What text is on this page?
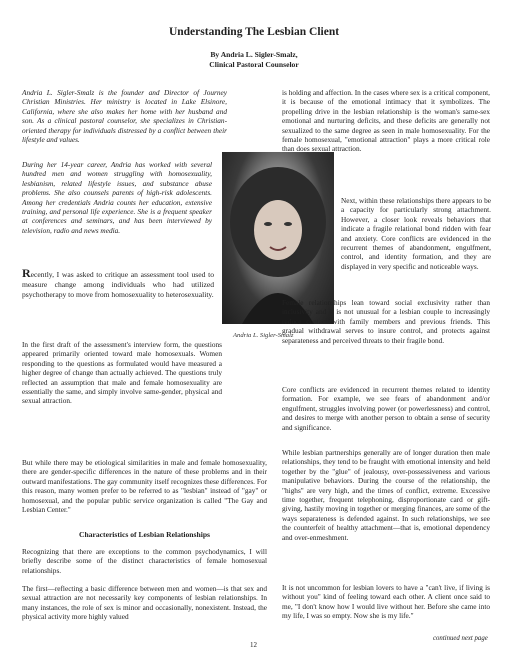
Understanding The Lesbian Client
By Andria L. Sigler-Smalz,
Clinical Pastoral Counselor
Andria L. Sigler-Smalz is the founder and Director of Journey Christian Ministries. Her ministry is located in Lake Elsinore, California, where she also makes her home with her husband and son. As a clinical pastoral counselor, she specializes in Christian-oriented therapy for individuals distressed by a conflict between their lifestyle and values.
During her 14-year career, Andria has worked with several hundred men and women struggling with homosexuality, lesbianism, related lifestyle issues, and substance abuse problems. She also counsels parents of high-risk adolescents. Among her credentials Andria counts her education, extensive training, and personal life experience. She is a frequent speaker at conferences and seminars, and has been interviewed by television, radio and news media.
Recently, I was asked to critique an assessment tool used to measure change among individuals who had utilized psychotherapy to move from homosexuality to heterosexuality.
In the first draft of the assessment's interview form, the questions appeared primarily oriented toward male homosexuals. Women responding to the questions as formulated would have measured a higher degree of change than actually achieved. The questions truly reflected an assumption that male and female homosexuality are essentially the same, and simply involve same-gender, physical and sexual attraction.
But while there may be etiological similarities in male and female homosexuality, there are gender-specific differences in the nature of these problems and in their outward manifestations. The gay community itself recognizes these differences. For this reason, many women prefer to be referred to as "lesbian" instead of "gay" or homosexual, and the popular public service organization is called "The Gay and Lesbian Center."
Characteristics of Lesbian Relationships
Recognizing that there are exceptions to the common psychodynamics, I will briefly describe some of the distinct characteristics of female homosexual relationships.
The first—reflecting a basic difference between men and women—is that sex and sexual attraction are not necessarily key components of lesbian relationships. In many instances, the role of sex is minor and occasionally, nonexistent. Instead, the physical activity more highly valued
Andria L. Sigler-Smalz
is holding and affection. In the cases where sex is a critical component, it is because of the emotional intimacy that it symbolizes. The propelling drive in the lesbian relationship is the woman's same-sex emotional and nurturing deficits, and these deficits are generally not sexualized to the same degree as seen in male homosexuality. For the female homosexual, "emotional attraction" plays a more critical role than does sexual attraction.
Next, within these relationships there appears to be a capacity for particularly strong attachment. However, a closer look reveals behaviors that indicate a fragile relational bond ridden with fear and anxiety. Core conflicts are evidenced in the recurrent themes of abandonment, engulfment, control, and identity formation, and they are displayed in very specific and noticeable ways.
Female relationships lean toward social exclusivity rather than inclusivity and it is not unusual for a lesbian couple to increasingly reduce contact with family members and previous friends. This gradual withdrawal serves to insure control, and protects against separateness and perceived threats to their fragile bond.
Core conflicts are evidenced in recurrent themes related to identity formation. For example, we see fears of abandonment and/or engulfment, struggles involving power (or powerlessness) and control, and desires to merge with another person to obtain a sense of security and significance.
While lesbian partnerships generally are of longer duration then male relationships, they tend to be fraught with emotional intensity and held together by the "glue" of jealousy, over-possessiveness and various manipulative behaviors. During the course of the relationship, the "highs" are very high, and the times of conflict, extreme. Excessive time together, frequent telephoning, disproportionate card or gift-giving, hastily moving in together or merging finances, are some of the ways separateness is defended against. In such relationships, we see the counterfeit of healthy attachment—that is, emotional dependency and over-enmeshment.
It is not uncommon for lesbian lovers to have a "can't live, if living is without you" kind of feeling toward each other. A client once said to me, "I don't know how I would live without her. Before she came into my life, I was so empty. Now she is my life."
12
continued next page
